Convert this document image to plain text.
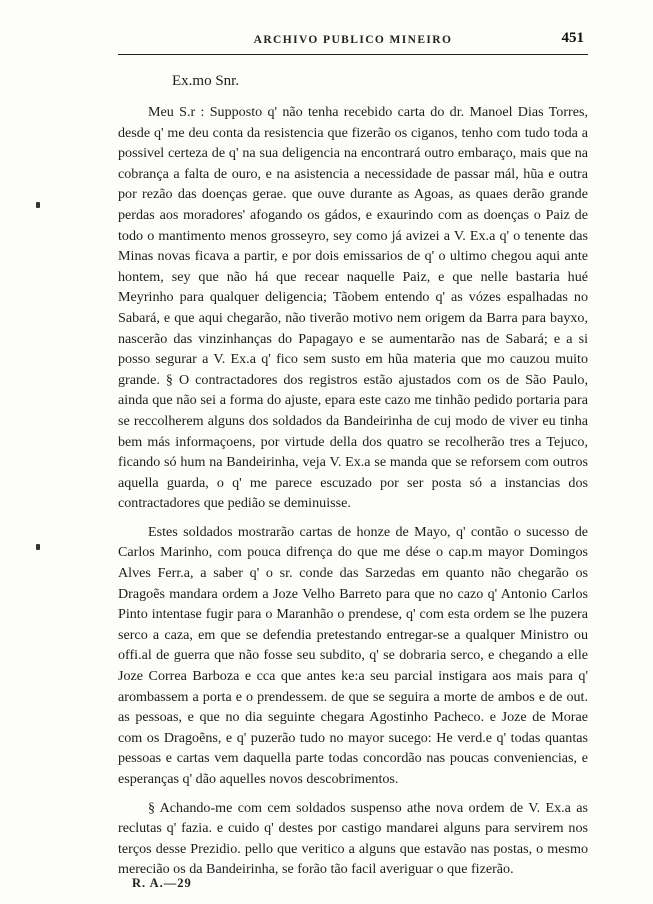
ARCHIVO PUBLICO MINEIRO	451

Ex.mo Snr.

Meu S.r : Supposto q' não tenha recebido carta do dr. Manoel Dias Torres, desde q' me deu conta da resistencia que fizerão os ciganos, tenho com tudo toda a possivel certeza de q' na sua deligencia na encontrará outro embaraço, mais que na cobrança a falta de ouro, e na asistencia a necessidade de passar mál, hũa e outra por rezão das doenças gerae. que ouve durante as Agoas, as quaes derão grande perdas aos moradores' afogando os gádos, e exaurindo com as doenças o Paiz de todo o mantimento menos grosseyro, sey como já avizei a V. Ex.a q' o tenente das Minas novas ficava a partir, e por dois emissarios de q' o ultimo chegou aqui ante hontem, sey que não há que recear naquelle Paiz, e que nelle bastaria hué Meyrinho para qualquer deligencia; Tãobem entendo q' as vózes espalhadas no Sabará, e que aqui chegarão, não tiverão motivo nem origem da Barra para bayxo, nascerão das vinzinhanças do Papagayo e se aumentarão nas de Sabará; e a si posso segurar a V. Ex.a q' fico sem susto em hũa materia que mo cauzou muito grande. § O contractadores dos registros estão ajustados com os de São Paulo, ainda que não sei a forma do ajuste, epara este cazo me tinhão pedido portaria para se reccolherem alguns dos soldados da Bandeirinha de cuj modo de viver eu tinha bem más informaçoens, por virtude della dos quatro se recolherão tres a Tejuco, ficando só hum na Bandeirinha, veja V. Ex.a se manda que se reforsem com outros aquella guarda, o q' me parece escuzado por ser posta só a instancias dos contractadores que pedião se deminuisse.

Estes soldados mostrarão cartas de honze de Mayo, q' contão o sucesso de Carlos Marinho, com pouca difrença do que me dése o cap.m mayor Domingos Alves Ferr.a, a saber q' o sr. conde das Sarzedas em quanto não chegarão os Dragoẽs mandara ordem a Joze Velho Barreto para que no cazo q' Antonio Carlos Pinto intentase fugir para o Maranhão o prendese, q' com esta ordem se lhe puzera serco a caza, em que se defendia pretestando entregar-se a qualquer Ministro ou offi.al de guerra que não fosse seu subdito, q' se dobraria serco, e chegando a elle Joze Correa Barboza e cca que antes ke:a seu parcial instigara aos mais para q' arombassem a porta e o prendessem. de que se seguira a morte de ambos e de out. as pessoas, e que no dia seguinte chegara Agostinho Pacheco. e Joze de Morae com os Dragoẽns, e q' puzerão tudo no mayor sucego: He verd.e q' todas quantas pessoas e cartas vem daquella parte todas concordão nas poucas conveniencias, e esperanças q' dão aquelles novos descobrimentos.

§ Achando-me com cem soldados suspenso athe nova ordem de V. Ex.a as reclutas q' fazia. e cuido q' destes por castigo mandarei alguns para servirem nos terços desse Prezidio. pello que veritico a alguns que estavão nas postas, o mesmo merecião os da Bandeirinha, se forão tão facil averiguar o que fizerão.

R. A.—29
